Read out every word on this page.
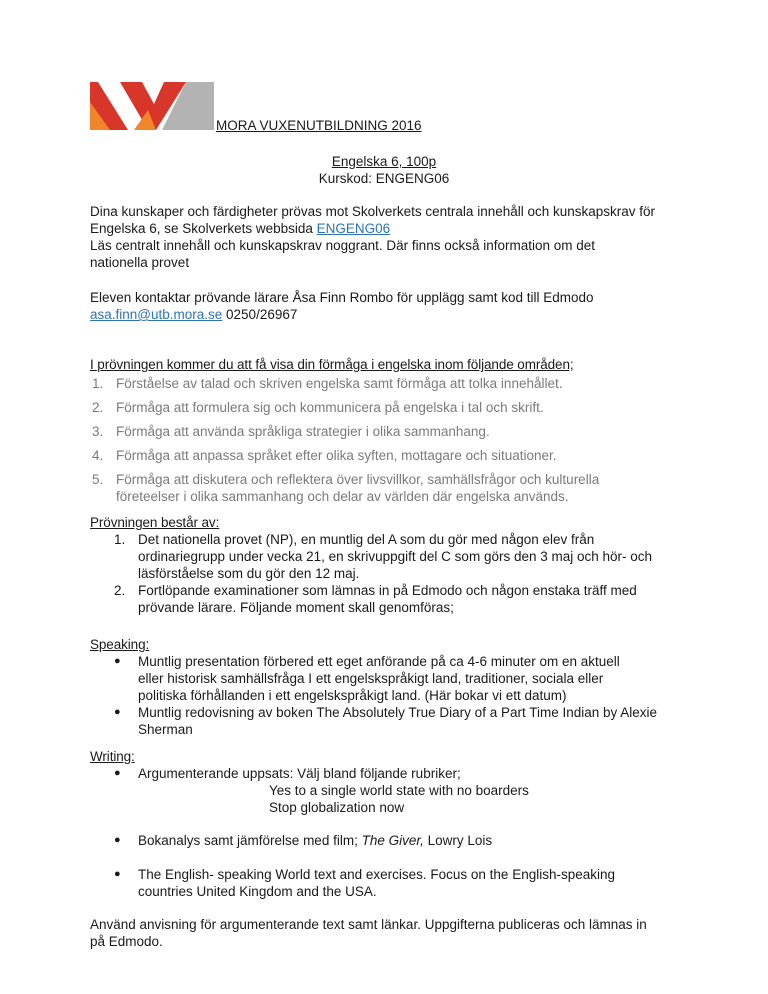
MORA VUXENUTBILDNING 2016
Engelska 6, 100p
Kurskod: ENGENG06
Dina kunskaper och färdigheter prövas mot Skolverkets centrala innehåll och kunskapskrav för
Engelska 6, se Skolverkets webbsida ENGENG06
Läs centralt innehåll och kunskapskrav noggrant. Där finns också information om det
nationella provet
Eleven kontaktar prövande lärare Åsa Finn Rombo för upplägg samt kod till Edmodo
asa.finn@utb.mora.se 0250/26967
I prövningen kommer du att få visa din förmåga i engelska inom följande områden;
1. Förståelse av talad och skriven engelska samt förmåga att tolka innehållet.
2. Förmåga att formulera sig och kommunicera på engelska i tal och skrift.
3. Förmåga att använda språkliga strategier i olika sammanhang.
4. Förmåga att anpassa språket efter olika syften, mottagare och situationer.
5. Förmåga att diskutera och reflektera över livsvillkor, samhällsfrågor och kulturella
företeelser i olika sammanhang och delar av världen där engelska används.
Prövningen består av:
1. Det nationella provet (NP), en muntlig del A som du gör med någon elev från
ordinariegrupp under vecka 21, en skrivuppgift del C som görs den 3 maj och hör- och
läsförståelse som du gör den 12 maj.
2. Fortlöpande examinationer som lämnas in på Edmodo och någon enstaka träff med
prövande lärare. Följande moment skall genomföras;
Speaking:
● Muntlig presentation förbered ett eget anförande på ca 4-6 minuter om en aktuell
eller historisk samhällsfråga I ett engelskspråkigt land, traditioner, sociala eller
politiska förhållanden i ett engelskspråkigt land. (Här bokar vi ett datum)
● Muntlig redovisning av boken The Absolutely True Diary of a Part Time Indian by Alexie
Sherman
Writing:
● Argumenterande uppsats: Välj bland följande rubriker;
Yes to a single world state with no boarders
Stop globalization now
● Bokanalys samt jämförelse med film; The Giver, Lowry Lois
● The English- speaking World text and exercises. Focus on the English-speaking
countries United Kingdom and the USA.
Använd anvisning för argumenterande text samt länkar. Uppgifterna publiceras och lämnas in
på Edmodo.
